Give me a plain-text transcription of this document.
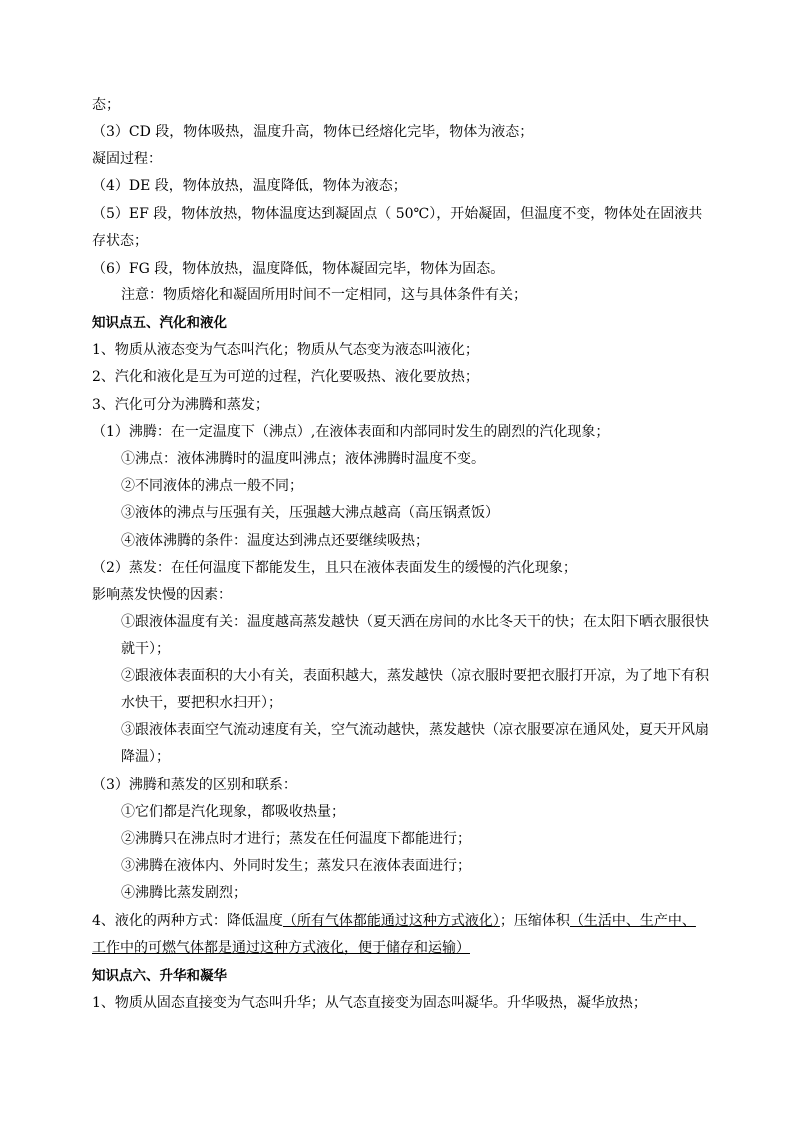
态；
（3）CD 段，物体吸热，温度升高，物体已经熔化完毕，物体为液态；
凝固过程：
（4）DE 段，物体放热，温度降低，物体为液态；
（5）EF 段，物体放热，物体温度达到凝固点（ 50℃），开始凝固，但温度不变，物体处在固液共
存状态；
（6）FG 段，物体放热，温度降低，物体凝固完毕，物体为固态。
注意：物质熔化和凝固所用时间不一定相同，这与具体条件有关；
知识点五、汽化和液化
1、物质从液态变为气态叫汽化；物质从气态变为液态叫液化；
2、汽化和液化是互为可逆的过程，汽化要吸热、液化要放热；
3、汽化可分为沸腾和蒸发；
（1）沸腾：在一定温度下（沸点）,在液体表面和内部同时发生的剧烈的汽化现象；
①沸点：液体沸腾时的温度叫沸点；液体沸腾时温度不变。
②不同液体的沸点一般不同；
③液体的沸点与压强有关，压强越大沸点越高（高压锅煮饭）
④液体沸腾的条件：温度达到沸点还要继续吸热；
（2）蒸发：在任何温度下都能发生，且只在液体表面发生的缓慢的汽化现象；
影响蒸发快慢的因素：
①跟液体温度有关：温度越高蒸发越快（夏天洒在房间的水比冬天干的快；在太阳下晒衣服很快
就干）；
②跟液体表面积的大小有关，表面积越大，蒸发越快（凉衣服时要把衣服打开凉，为了地下有积
水快干，要把积水扫开）；
③跟液体表面空气流动速度有关，空气流动越快，蒸发越快（凉衣服要凉在通风处，夏天开风扇
降温）；
（3）沸腾和蒸发的区别和联系：
①它们都是汽化现象，都吸收热量；
②沸腾只在沸点时才进行；蒸发在任何温度下都能进行；
③沸腾在液体内、外同时发生；蒸发只在液体表面进行；
④沸腾比蒸发剧烈；
4、液化的两种方式：降低温度（所有气体都能通过这种方式液化）；压缩体积（生活中、生产中、
工作中的可燃气体都是通过这种方式液化，便于储存和运输）
知识点六、升华和凝华
1、物质从固态直接变为气态叫升华；从气态直接变为固态叫凝华。升华吸热，凝华放热；
